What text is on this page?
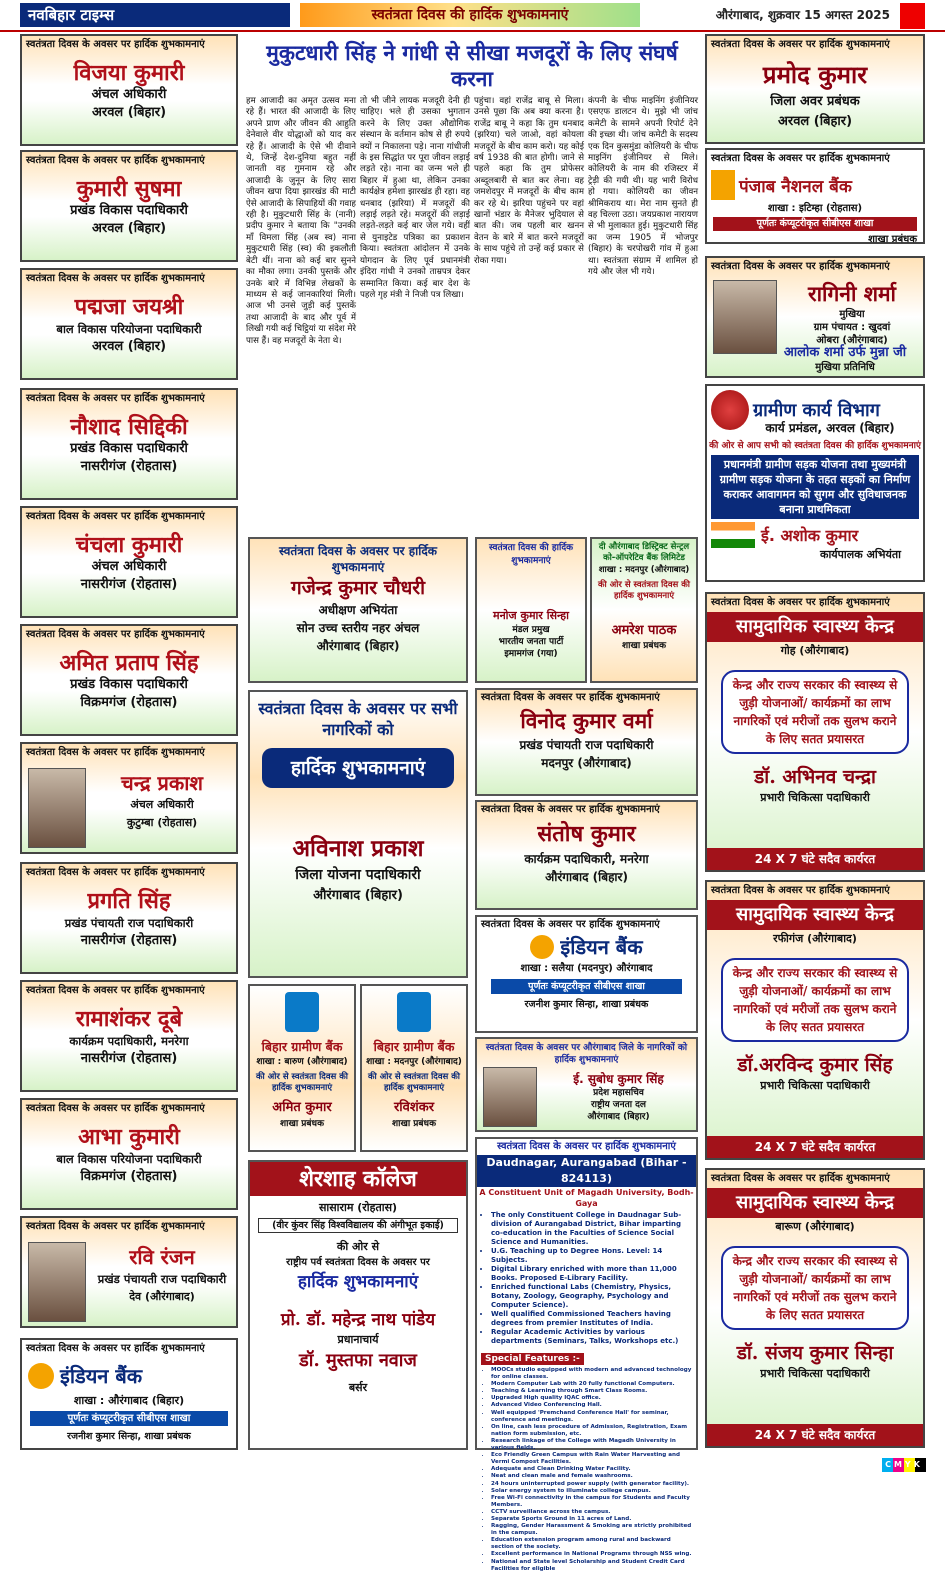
नवबिहार टाइम्स	स्वतंत्रता दिवस की हार्दिक शुभकामनाएं	औरंगाबाद, शुक्रवार 15 अगस्त 2025
स्वतंत्रता दिवस के अवसर पर हार्दिक शुभकामनाएं
विजया कुमारी
अंचल अधिकारी
अरवल (बिहार)
स्वतंत्रता दिवस के अवसर पर हार्दिक शुभकामनाएं
कुमारी सुषमा
प्रखंड विकास पदाधिकारी
अरवल (बिहार)
स्वतंत्रता दिवस के अवसर पर हार्दिक शुभकामनाएं
पद्मजा जयश्री
बाल विकास परियोजना पदाधिकारी
अरवल (बिहार)
स्वतंत्रता दिवस के अवसर पर हार्दिक शुभकामनाएं
नौशाद सिद्दिकी
प्रखंड विकास पदाधिकारी
नासरीगंज (रोहतास)
स्वतंत्रता दिवस के अवसर पर हार्दिक शुभकामनाएं
चंचला कुमारी
अंचल अधिकारी
नासरीगंज (रोहतास)
स्वतंत्रता दिवस के अवसर पर हार्दिक शुभकामनाएं
अमित प्रताप सिंह
प्रखंड विकास पदाधिकारी
विक्रमगंज (रोहतास)
स्वतंत्रता दिवस के अवसर पर हार्दिक शुभकामनाएं
चन्द्र प्रकाश
अंचल अधिकारी
कुटुम्बा (रोहतास)
स्वतंत्रता दिवस के अवसर पर हार्दिक शुभकामनाएं
प्रगति सिंह
प्रखंड पंचायती राज पदाधिकारी
नासरीगंज (रोहतास)
स्वतंत्रता दिवस के अवसर पर हार्दिक शुभकामनाएं
रामाशंकर दूबे
कार्यक्रम पदाधिकारी, मनरेगा
नासरीगंज (रोहतास)
स्वतंत्रता दिवस के अवसर पर हार्दिक शुभकामनाएं
आभा कुमारी
बाल विकास परियोजना पदाधिकारी
विक्रमगंज (रोहतास)
स्वतंत्रता दिवस के अवसर पर हार्दिक शुभकामनाएं
रवि रंजन
प्रखंड पंचायती राज पदाधिकारी
देव (औरंगाबाद)
स्वतंत्रता दिवस के अवसर पर हार्दिक शुभकामनाएं
इंडियन बैंक
शाखा : औरंगाबाद (बिहार)
पूर्णतः कंप्यूटरीकृत सीबीएस शाखा
रजनीश कुमार सिन्हा, शाखा प्रबंधक
मुकुटधारी सिंह ने गांधी से सीखा मजदूरों के लिए संघर्ष करना
हम आजादी का अमृत उत्सव मना रहे हैं। भारत की आजादी के लिए अपने प्राण और जीवन की आहुति देनेवाले वीर योद्धाओं को याद कर रहे हैं। आजादी के ऐसे भी दीवाने थे, जिन्हें देश-दुनिया बहुत नहीं जानती वह गुमनाम रहे और आजादी के जुनून के लिए सारा जीवन खपा दिया झारखंड की माटी ऐसे आजादी के सिपाहियों की गवाह रही है। मुकुटधारी सिंह के (नानी) प्रदीप कुमार ने बताया कि "उनकी माँ विमला सिंह (अब स्व) नाना मुकुटधारी सिंह (स्व) की इकलौती बेटी थीं। नाना को कई बार सुनने का मौका लगा। उनकी पुस्तकें और उनके बारे में विभिन्न लेखकों के माध्यम से कई जानकारियां मिली। आज भी उनसे जुड़ी कई पुस्तकें तथा आजादी के बाद और पूर्व में लिखी गयी कई चिट्ठियां या संदेश मेरे पास हैं। वह मजदूरों के नेता थे।
तो भी जीने लायक मजदूरी देनी ही चाहिए। भले ही उसका भुगतान करने के लिए उक्त औद्योगिक संस्थान के वर्तमान कोष से ही रुपये क्यों न निकालना पड़े। नाना गांधीजी के इस सिद्धांत पर पूरा जीवन लड़ाई लड़ते रहे। नाना का जन्म भले ही बिहार में हुआ था, लेकिन उनका कार्यक्षेत्र हमेशा झारखंड ही रहा। वह धनबाद (झरिया) में मजदूरों की लड़ाई लड़ते रहे। मजदूरों की लड़ाई लड़ते-लड़ते कई बार जेल गये। वहीं से युनाइटेड पत्रिका का प्रकाशन किया। स्वतंत्रता आंदोलन में उनके योगदान के लिए पूर्व प्रधानमंत्री इंदिरा गांधी ने उनको ताम्रपत्र देकर सम्मानित किया। कई बार देश के पहले गृह मंत्री ने निजी पत्र लिखा।
पहुंचा। वहां राजेंद्र बाबू से मिला। उनसे पूछा कि अब क्या करना है। राजेंद्र बाबू ने कहा कि तुम धनबाद (झरिया) चले जाओ, वहां कोयला मजदूरों के बीच काम करो। यह कोई वर्ष 1938 की बात होगी। जाने से पहले कहा कि तुम प्रोफेसर अब्दुलबारी से बात कर लेना। वह जमशेदपुर में मजदूरों के बीच काम कर रहे थे। झरिया पहुंचने पर वहां खानों भंडार के मैनेजर भुदियाल से बात की। जब पहली बार खनन वेतन के बारे में बात करने मजदूरों के साथ पहुंचे तो उन्हें कई प्रकार से रोका गया।
कंपनी के चीफ माइनिंग इंजीनियर एसएफ डालटन थे। मुझे भी जांच कमेटी के सामने अपनी रिपोर्ट देने की इच्छा थी। जांच कमेटी के सदस्य एक दिन कुसमुंडा कोलियरी के चीफ माइनिंग इंजीनियर से मिले। कोलियरी के नाम की रजिस्टर में ट्रेड़ी की गयी थी। यह भारी विरोध हो गया। कोलियरी का जीवन श्रीमिकराय था। मेरा नाम सुनते ही वह चिल्ला उठा। जयप्रकाश नारायण से भी मुलाकात हुई। मुकुटधारी सिंह का जन्म 1905 में भोजपुर (बिहार) के चरपोखरी गांव में हुआ था। स्वतंत्रता संग्राम में शामिल हो गये और जेल भी गये।
स्वतंत्रता दिवस के अवसर पर हार्दिक शुभकामनाएं
गजेन्द्र कुमार चौधरी
अधीक्षण अभियंता
सोन उच्च स्तरीय नहर अंचल
औरंगाबाद (बिहार)
स्वतंत्रता दिवस की हार्दिक शुभकामनाएं
मनोज कुमार सिन्हा
मंडल प्रमुख
भारतीय जनता पार्टी
इमामगंज (गया)
दी औरंगाबाद डिस्ट्रिक्ट सेन्ट्रल को-ऑपरेटिव बैंक लिमिटेड
शाखा : मदनपुर (औरंगाबाद)
की ओर से स्वतंत्रता दिवस की हार्दिक शुभकामनाएं
अमरेश पाठक
शाखा प्रबंधक
स्वतंत्रता दिवस के अवसर पर सभी नागरिकों को
हार्दिक शुभकामनाएं
अविनाश प्रकाश
जिला योजना पदाधिकारी
औरंगाबाद (बिहार)
स्वतंत्रता दिवस के अवसर पर हार्दिक शुभकामनाएं
विनोद कुमार वर्मा
प्रखंड पंचायती राज पदाधिकारी
मदनपुर (औरंगाबाद)
स्वतंत्रता दिवस के अवसर पर हार्दिक शुभकामनाएं
संतोष कुमार
कार्यक्रम पदाधिकारी, मनरेगा
औरंगाबाद (बिहार)
स्वतंत्रता दिवस के अवसर पर हार्दिक शुभकामनाएं
इंडियन बैंक
शाखा : सलैया (मदनपुर) औरंगाबाद
पूर्णतः कंप्यूटरीकृत सीबीएस शाखा
रजनीश कुमार सिन्हा, शाखा प्रबंधक
बिहार ग्रामीण बैंक
शाखा : बारुण (औरंगाबाद)
की ओर से स्वतंत्रता दिवस की हार्दिक शुभकामनाएं
अमित कुमार
शाखा प्रबंधक
बिहार ग्रामीण बैंक
शाखा : मदनपुर (औरंगाबाद)
की ओर से स्वतंत्रता दिवस की हार्दिक शुभकामनाएं
रविशंकर
शाखा प्रबंधक
स्वतंत्रता दिवस के अवसर पर औरंगाबाद जिले के नागरिकों को हार्दिक शुभकामनाएं
ई. सुबोध कुमार सिंह
प्रदेश महासचिव
राष्ट्रीय जनता दल
औरंगाबाद (बिहार)
शेरशाह कॉलेज
सासाराम (रोहतास)
(वीर कुंवर सिंह विश्वविद्यालय की अंगीभूत इकाई)
की ओर से
राष्ट्रीय पर्व स्वतंत्रता दिवस के अवसर पर
हार्दिक शुभकामनाएं
प्रो. डॉ. महेन्द्र नाथ पांडेय
प्रधानाचार्य
डॉ. मुस्तफा नवाज
बर्सर
स्वतंत्रता दिवस के अवसर पर हार्दिक शुभकामनाएं
Daudnagar, Aurangabad (Bihar - 824113)
A Constituent Unit of Magadh University, Bodh-Gaya
• The only Constituent College in Daudnagar Sub-division of Aurangabad District, Bihar imparting co-education in the Faculties of Science Social Science and Humanities.
• U.G. Teaching up to Degree Hons. Level: 14 Subjects.
• Digital Library enriched with more than 11,000 Books. Proposed E-Library Facility.
• Enriched functional Labs (Chemistry, Physics, Botany, Zoology, Geography, Psychology and Computer Science).
• Well qualified Commissioned Teachers having degrees from premier Institutes of India.
• Regular Academic Activities by various departments (Seminars, Talks, Workshops etc.)
Special Features :-
• MOOCs studio equipped with modern and advanced technology for online classes.
• Modern Computer Lab with 20 fully functional Computers.
• Teaching & Learning through Smart Class Rooms.
• Upgraded High quality IQAC office.
• Advanced Video Conferencing Hall.
• Well equipped 'Premchand Conference Hall' for seminar, conference and meetings.
• On line, cash less procedure of Admission, Registration, Exam nation form submission, etc.
• Research linkage of the College with Magadh University in various fields.
• Eco Friendly Green Campus with Rain Water Harvesting and Vermi Compost Facilities.
• Adequate and Clean Drinking Water Facility.
• Neat and clean male and female washrooms.
• 24 hours uninterrupted power supply (with generator facility).
• Solar energy system to illuminate college campus.
• Free Wi-Fi connectivity in the campus for Students and Faculty Members.
• CCTV surveillance across the campus.
• Separate Sports Ground in 11 acres of Land.
• Ragging, Gender Harassment & Smoking are strictly prohibited in the campus.
• Education extension program among rural and backward section of the society.
• Excellent performance in National Programs through NSS wing.
• National and State level Scholarship and Student Credit Card Facilities for eligible
स्वतंत्रता दिवस के अवसर पर हार्दिक शुभकामनाएं
प्रमोद कुमार
जिला अवर प्रबंधक
अरवल (बिहार)
स्वतंत्रता दिवस के अवसर पर हार्दिक शुभकामनाएं
पंजाब नैशनल बैंक
शाखा : इटिम्हा (रोहतास)
पूर्णतः कंप्यूटरीकृत सीबीएस शाखा
शाखा प्रबंधक
स्वतंत्रता दिवस के अवसर पर हार्दिक शुभकामनाएं
रागिनी शर्मा
मुखिया
ग्राम पंचायत : खुदवां
ओबरा (औरंगाबाद)
आलोक शर्मा उर्फ मुन्ना जी
मुखिया प्रतिनिधि
ग्रामीण कार्य विभाग
कार्य प्रमंडल, अरवल (बिहार)
की ओर से आप सभी को स्वतंत्रता दिवस की हार्दिक शुभकामनाएं
प्रधानमंत्री ग्रामीण सड़क योजना तथा मुख्यमंत्री ग्रामीण सड़क योजना के तहत सड़कों का निर्माण कराकर आवागमन को सुगम और सुविधाजनक बनाना प्राथमिकता
ई. अशोक कुमार
कार्यपालक अभियंता
स्वतंत्रता दिवस के अवसर पर हार्दिक शुभकामनाएं
सामुदायिक स्वास्थ्य केन्द्र
गोह (औरंगाबाद)
केन्द्र और राज्य सरकार की स्वास्थ्य से जुड़ी योजनाओं/ कार्यक्रमों का लाभ नागरिकों एवं मरीजों तक सुलभ कराने के लिए सतत प्रयासरत
डॉ. अभिनव चन्द्रा
प्रभारी चिकित्सा पदाधिकारी
24 X 7 घंटे सदैव कार्यरत
स्वतंत्रता दिवस के अवसर पर हार्दिक शुभकामनाएं
सामुदायिक स्वास्थ्य केन्द्र
रफीगंज (औरंगाबाद)
केन्द्र और राज्य सरकार की स्वास्थ्य से जुड़ी योजनाओं/ कार्यक्रमों का लाभ नागरिकों एवं मरीजों तक सुलभ कराने के लिए सतत प्रयासरत
डॉ.अरविन्द कुमार सिंह
प्रभारी चिकित्सा पदाधिकारी
24 X 7 घंटे सदैव कार्यरत
स्वतंत्रता दिवस के अवसर पर हार्दिक शुभकामनाएं
सामुदायिक स्वास्थ्य केन्द्र
बारूण (औरंगाबाद)
केन्द्र और राज्य सरकार की स्वास्थ्य से जुड़ी योजनाओं/ कार्यक्रमों का लाभ नागरिकों एवं मरीजों तक सुलभ कराने के लिए सतत प्रयासरत
डॉ. संजय कुमार सिन्हा
प्रभारी चिकित्सा पदाधिकारी
24 X 7 घंटे सदैव कार्यरत
CMYK
